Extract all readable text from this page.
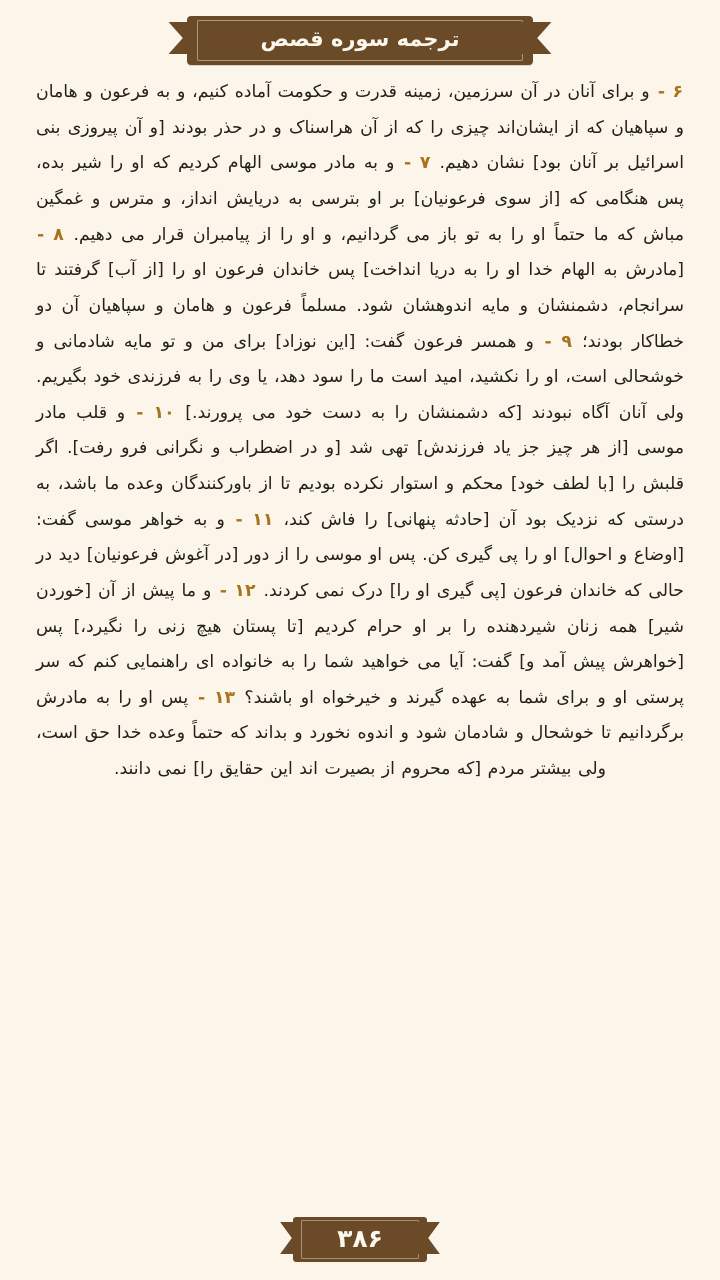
ترجمه سوره قصص

۶ - و برای آنان در آن سرزمین، زمینه قدرت و حکومت آماده کنیم، و به فرعون و هامان و سپاهیان که از ایشان‌اند چیزی را که از آن هراسناک و در حذر بودند [و آن پیروزی بنی اسرائیل بر آنان بود] نشان دهیم. ۷ - و به مادر موسی الهام کردیم که او را شیر بده، پس هنگامی که [از سوی فرعونیان] بر او بترسی به دریایش انداز، و مترس و غمگین مباش که ما حتماً او را به تو باز می گردانیم، و او را از پیامبران قرار می دهیم. ۸ - [مادرش به الهام خدا او را به دریا انداخت] پس خاندان فرعون او را [از آب] گرفتند تا سرانجام، دشمنشان و مایه اندوهشان شود. مسلماً فرعون و هامان و سپاهیان آن دو خطاکار بودند؛ ۹ - و همسر فرعون گفت: [این نوزاد] برای من و تو مایه شادمانی و خوشحالی است، او را نکشید، امید است ما را سود دهد، یا وی را به فرزندی خود بگیریم. ولی آنان آگاه نبودند [که دشمنشان را به دست خود می پرورند.] ۱۰ - و قلب مادر موسی [از هر چیز جز یاد فرزندش] تهی شد [و در اضطراب و نگرانی فرو رفت]. اگر قلبش را [با لطف خود] محکم و استوار نکرده بودیم تا از باورکنندگان وعده ما باشد، به درستی که نزدیک بود آن [حادثه پنهانی] را فاش کند، ۱۱ - و به خواهر موسی گفت: [اوضاع و احوال] او را پی گیری کن. پس او موسی را از دور [در آغوش فرعونیان] دید در حالی که خاندان فرعون [پی گیری او را] درک نمی کردند. ۱۲ - و ما پیش از آن [خوردن شیر] همه زنان شیردهنده را بر او حرام کردیم [تا پستان هیچ زنی را نگیرد،] پس [خواهرش پیش آمد و] گفت: آیا می خواهید شما را به خانواده ای راهنمایی کنم که سر پرستی او و برای شما به عهده گیرند و خیرخواه او باشند؟ ۱۳ - پس او را به مادرش برگردانیم تا خوشحال و شادمان شود و اندوه نخورد و بداند که حتماً وعده خدا حق است، ولی بیشتر مردم [که محروم از بصیرت اند این حقایق را] نمی دانند.

۳۸۶
